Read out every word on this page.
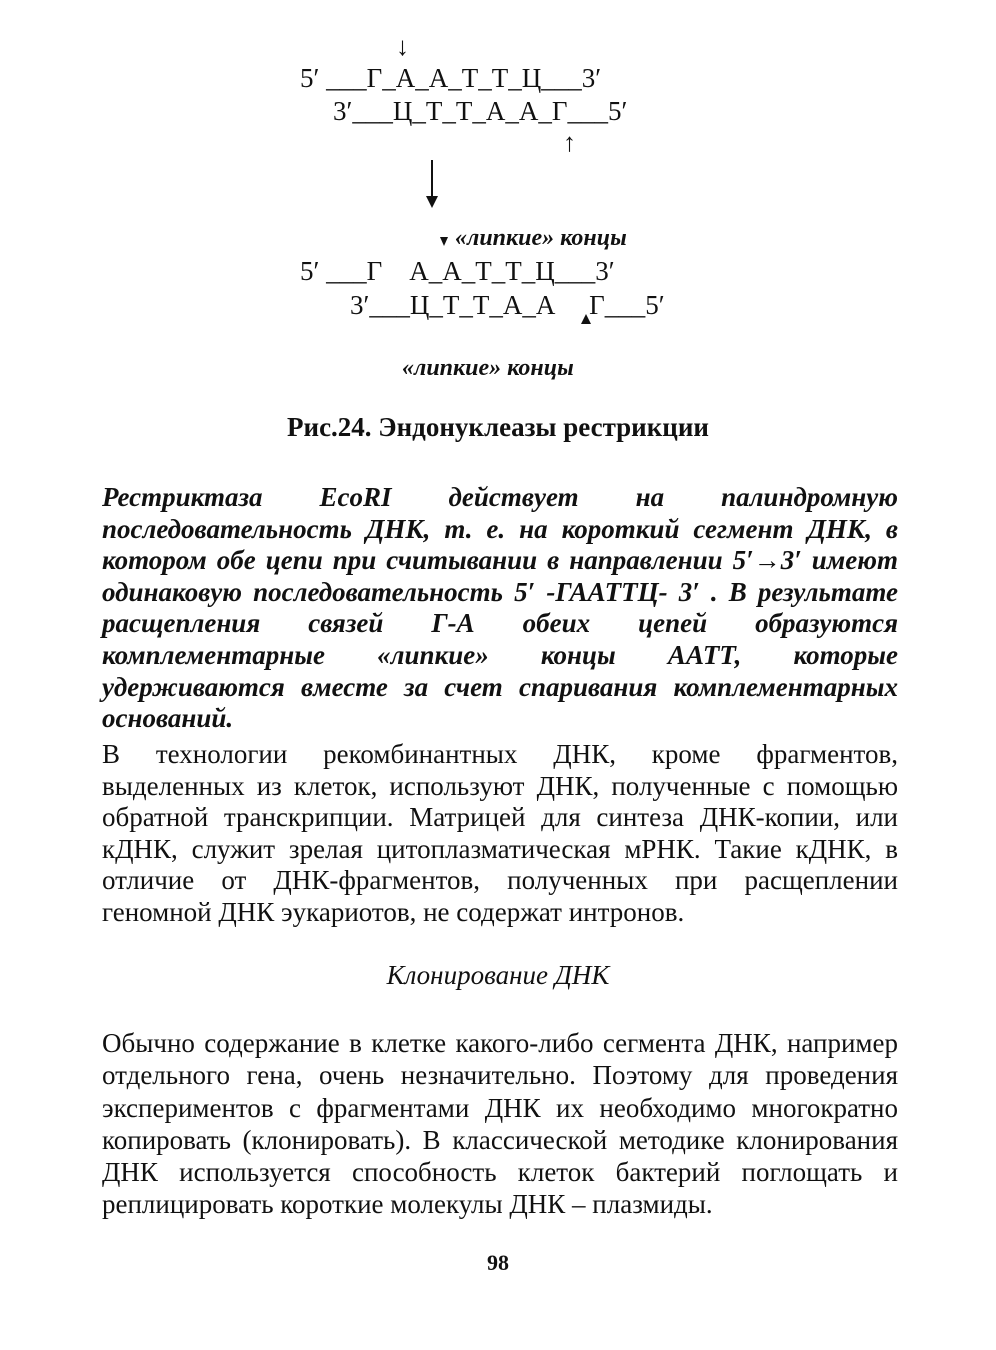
↓
5′ ___Г_А_А_Т_Т_Ц___3′
3′___Ц_Т_Т_А_А_Г___5′
↑
«липкие» концы
5′ ___Г    А_А_Т_Т_Ц___3′
3′___Ц_Т_Т_А_А     Г___5′
«липкие» концы
Рис.24. Эндонуклеазы рестрикции

Рестриктаза EcoRI действует на палиндромную последовательность ДНК, т. е. на короткий сегмент ДНК, в котором обе цепи при считывании в направлении 5′→3′ имеют одинаковую последовательность 5′ -ГААТТЦ- 3′ . В результате расщепления связей Г-А обеих цепей образуются комплементарные «липкие» концы ААТТ, которые удерживаются вместе за счет спаривания комплементарных оснований.

В технологии рекомбинантных ДНК, кроме фрагментов, выделенных из клеток, используют ДНК, полученные с помощью обратной транскрипции. Матрицей для синтеза ДНК-копии, или кДНК, служит зрелая цитоплазматическая мРНК. Такие кДНК, в отличие от ДНК-фрагментов, полученных при расщеплении геномной ДНК эукариотов, не содержат интронов.

Клонирование ДНК

Обычно содержание в клетке какого-либо сегмента ДНК, например отдельного гена, очень незначительно. Поэтому для проведения экспериментов с фрагментами ДНК их необходимо многократно копировать (клонировать). В классической методике клонирования ДНК используется способность клеток бактерий поглощать и реплицировать короткие молекулы ДНК – плазмиды.

98
